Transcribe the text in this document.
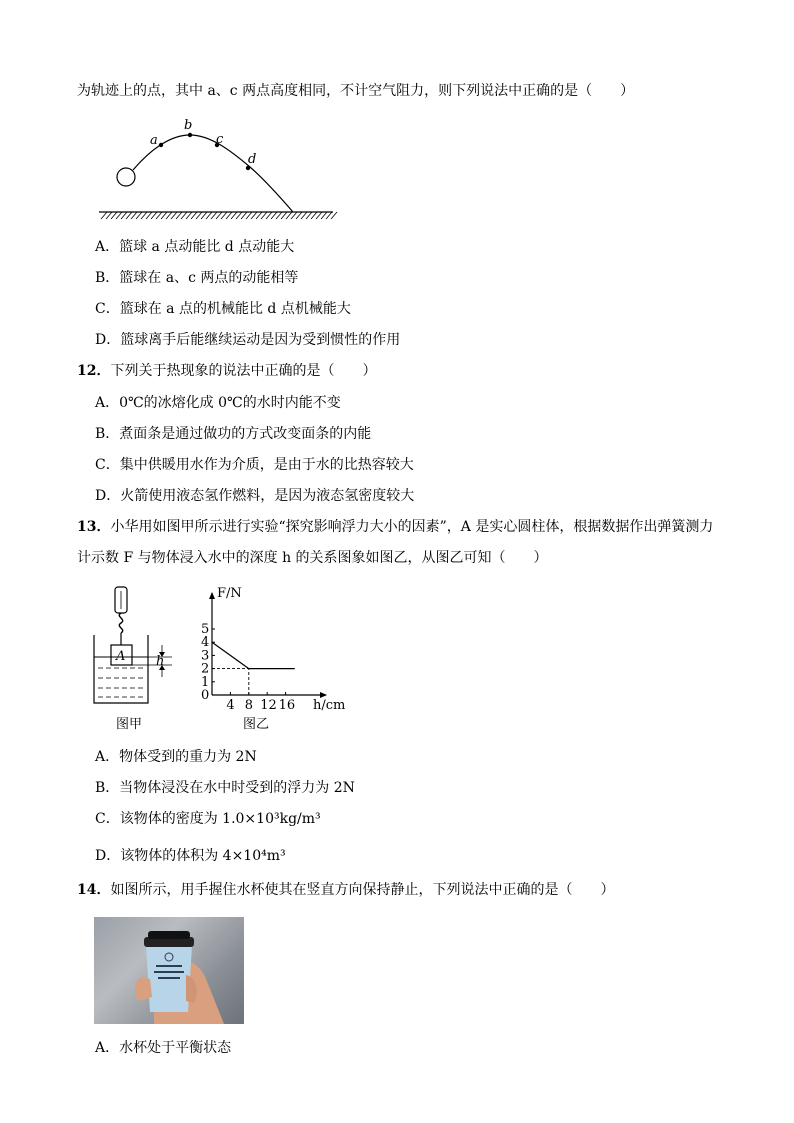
为轨迹上的点，其中 a、c 两点高度相同，不计空气阻力，则下列说法中正确的是（　　）
a
b
c
d
A．篮球 a 点动能比 d 点动能大
B．篮球在 a、c 两点的动能相等
C．篮球在 a 点的机械能比 d 点机械能大
D．篮球离手后能继续运动是因为受到惯性的作用
12．下列关于热现象的说法中正确的是（　　）
A．0℃的冰熔化成 0℃的水时内能不变
B．煮面条是通过做功的方式改变面条的内能
C．集中供暖用水作为介质，是由于水的比热容较大
D．火箭使用液态氢作燃料，是因为液态氢密度较大
13．小华用如图甲所示进行实验“探究影响浮力大小的因素”，A 是实心圆柱体，根据数据作出弹簧测力
计示数 F 与物体浸入水中的深度 h 的关系图象如图乙，从图乙可知（　　）
A h
图甲
F/N
h/cm
图乙
0
1
2
3
4
5
4 8 12 16
A．物体受到的重力为 2N
B．当物体浸没在水中时受到的浮力为 2N
C．该物体的密度为 1.0×10³kg/m³
D．该物体的体积为 4×10⁴m³
14．如图所示，用手握住水杯使其在竖直方向保持静止，下列说法中正确的是（　　）
A．水杯处于平衡状态
